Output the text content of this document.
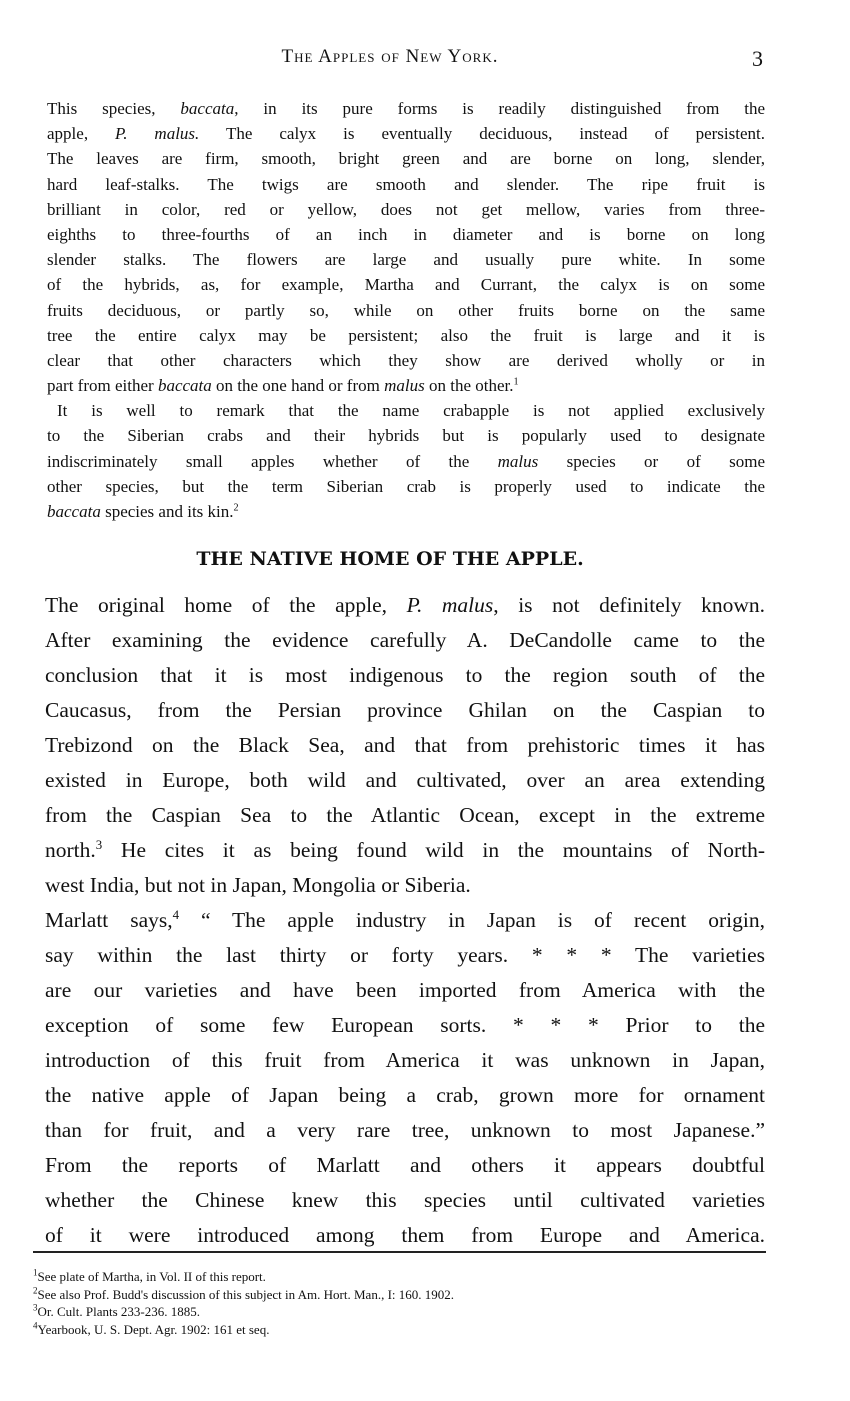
The Apples of New York.	3
This species, baccata, in its pure forms is readily distinguished from the
apple, P. malus. The calyx is eventually deciduous, instead of persistent.
The leaves are firm, smooth, bright green and are borne on long, slender,
hard leaf-stalks. The twigs are smooth and slender. The ripe fruit is
brilliant in color, red or yellow, does not get mellow, varies from three-
eighths to three-fourths of an inch in diameter and is borne on long
slender stalks. The flowers are large and usually pure white. In some
of the hybrids, as, for example, Martha and Currant, the calyx is on some
fruits deciduous, or partly so, while on other fruits borne on the same
tree the entire calyx may be persistent; also the fruit is large and it is
clear that other characters which they show are derived wholly or in
part from either baccata on the one hand or from malus on the other.$^1$
It is well to remark that the name crabapple is not applied exclusively
to the Siberian crabs and their hybrids but is popularly used to designate
indiscriminately small apples whether of the malus species or of some
other species, but the term Siberian crab is properly used to indicate the
baccata species and its kin.$^2$
THE NATIVE HOME OF THE APPLE.
The original home of the apple, P. malus, is not definitely known.
After examining the evidence carefully A. DeCandolle came to the
conclusion that it is most indigenous to the region south of the
Caucasus, from the Persian province Ghilan on the Caspian to
Trebizond on the Black Sea, and that from prehistoric times it has
existed in Europe, both wild and cultivated, over an area extending
from the Caspian Sea to the Atlantic Ocean, except in the extreme
north.$^3$ He cites it as being found wild in the mountains of North-
west India, but not in Japan, Mongolia or Siberia.
Marlatt says,$^4$ “ The apple industry in Japan is of recent origin,
say within the last thirty or forty years. * * * The varieties
are our varieties and have been imported from America with the
exception of some few European sorts. * * * Prior to the
introduction of this fruit from America it was unknown in Japan,
the native apple of Japan being a crab, grown more for ornament
than for fruit, and a very rare tree, unknown to most Japanese.”
From the reports of Marlatt and others it appears doubtful
whether the Chinese knew this species until cultivated varieties
of it were introduced among them from Europe and America.
$^1$See plate of Martha, in Vol. II of this report.
$^2$See also Prof. Budd's discussion of this subject in Am. Hort. Man., I: 160. 1902.
$^3$Or. Cult. Plants 233-236. 1885.
$^4$Yearbook, U. S. Dept. Agr. 1902: 161 et seq.
